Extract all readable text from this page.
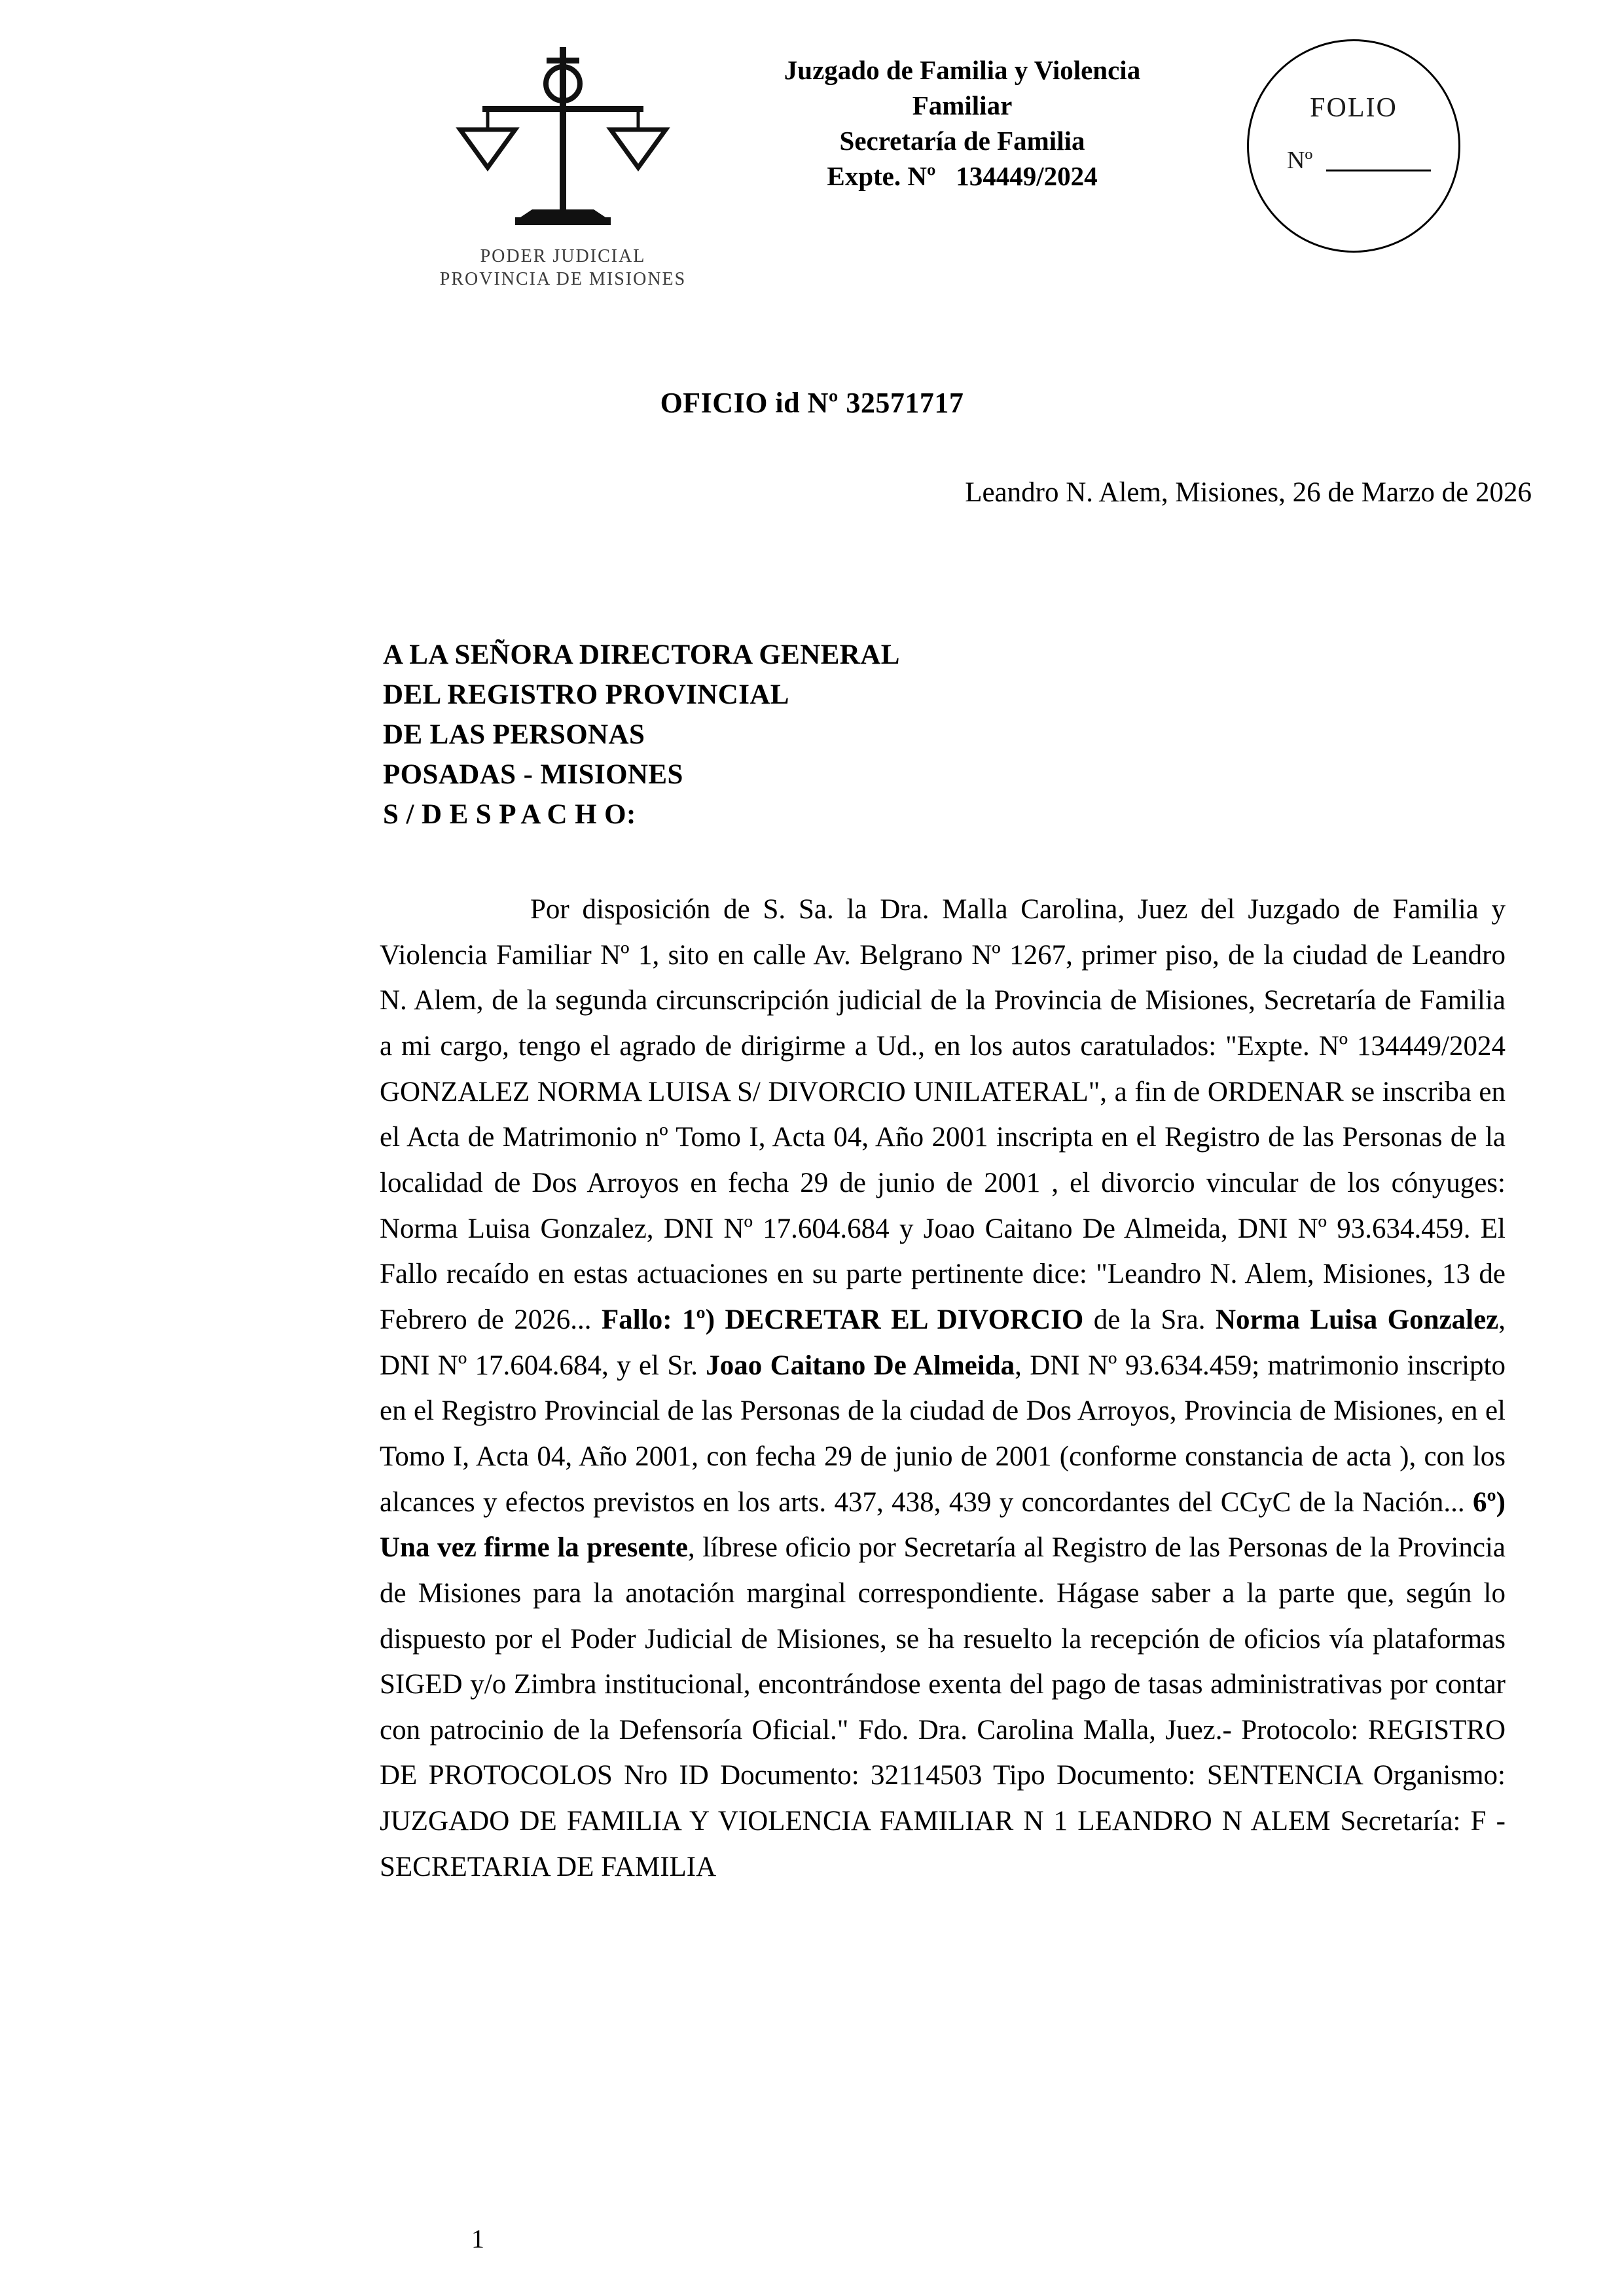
PODER JUDICIAL
PROVINCIA DE MISIONES
Juzgado de Familia y Violencia
Familiar
Secretaría de Familia
Expte. Nº 134449/2024
FOLIO
Nº
OFICIO id Nº 32571717
Leandro N. Alem, Misiones, 26 de Marzo de 2026
A LA SEÑORA DIRECTORA GENERAL
DEL REGISTRO PROVINCIAL
DE LAS PERSONAS
POSADAS - MISIONES
S / D E S P A C H O:

Por disposición de S. Sa. la Dra. Malla Carolina, Juez del Juzgado de Familia y Violencia Familiar Nº 1, sito en calle Av. Belgrano Nº 1267, primer piso, de la ciudad de Leandro N. Alem, de la segunda circunscripción judicial de la Provincia de Misiones, Secretaría de Familia a mi cargo, tengo el agrado de dirigirme a Ud., en los autos caratulados: "Expte. Nº 134449/2024 GONZALEZ NORMA LUISA S/ DIVORCIO UNILATERAL", a fin de ORDENAR se inscriba en el Acta de Matrimonio nº Tomo I, Acta 04, Año 2001 inscripta en el Registro de las Personas de la localidad de Dos Arroyos en fecha 29 de junio de 2001 , el divorcio vincular de los cónyuges: Norma Luisa Gonzalez, DNI Nº 17.604.684 y Joao Caitano De Almeida, DNI Nº 93.634.459. El Fallo recaído en estas actuaciones en su parte pertinente dice: "Leandro N. Alem, Misiones, 13 de Febrero de 2026... Fallo: 1º) DECRETAR EL DIVORCIO de la Sra. Norma Luisa Gonzalez, DNI Nº 17.604.684, y el Sr. Joao Caitano De Almeida, DNI Nº 93.634.459; matrimonio inscripto en el Registro Provincial de las Personas de la ciudad de Dos Arroyos, Provincia de Misiones, en el Tomo I, Acta 04, Año 2001, con fecha 29 de junio de 2001 (conforme constancia de acta ), con los alcances y efectos previstos en los arts. 437, 438, 439 y concordantes del CCyC de la Nación... 6º) Una vez firme la presente, líbrese oficio por Secretaría al Registro de las Personas de la Provincia de Misiones para la anotación marginal correspondiente. Hágase saber a la parte que, según lo dispuesto por el Poder Judicial de Misiones, se ha resuelto la recepción de oficios vía plataformas SIGED y/o Zimbra institucional, encontrándose exenta del pago de tasas administrativas por contar con patrocinio de la Defensoría Oficial." Fdo. Dra. Carolina Malla, Juez.- Protocolo: REGISTRO DE PROTOCOLOS Nro ID Documento: 32114503 Tipo Documento: SENTENCIA Organismo: JUZGADO DE FAMILIA Y VIOLENCIA FAMILIAR N 1 LEANDRO N ALEM Secretaría: F - SECRETARIA DE FAMILIA

1
